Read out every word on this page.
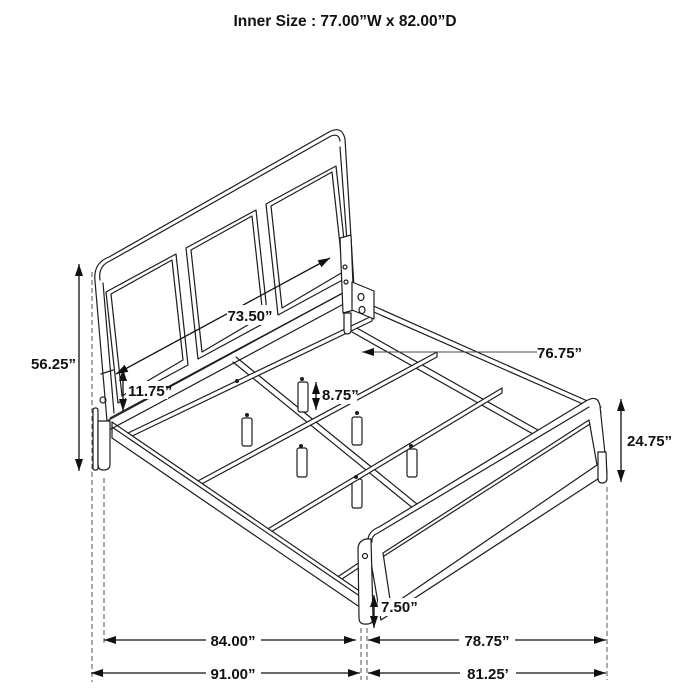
Inner Size : 77.00”W x 82.00”D
56.25”
73.50”
11.75”	8.75”
76.75”
24.75”
7.50”
84.00”	78.75”
91.00”	81.25’
